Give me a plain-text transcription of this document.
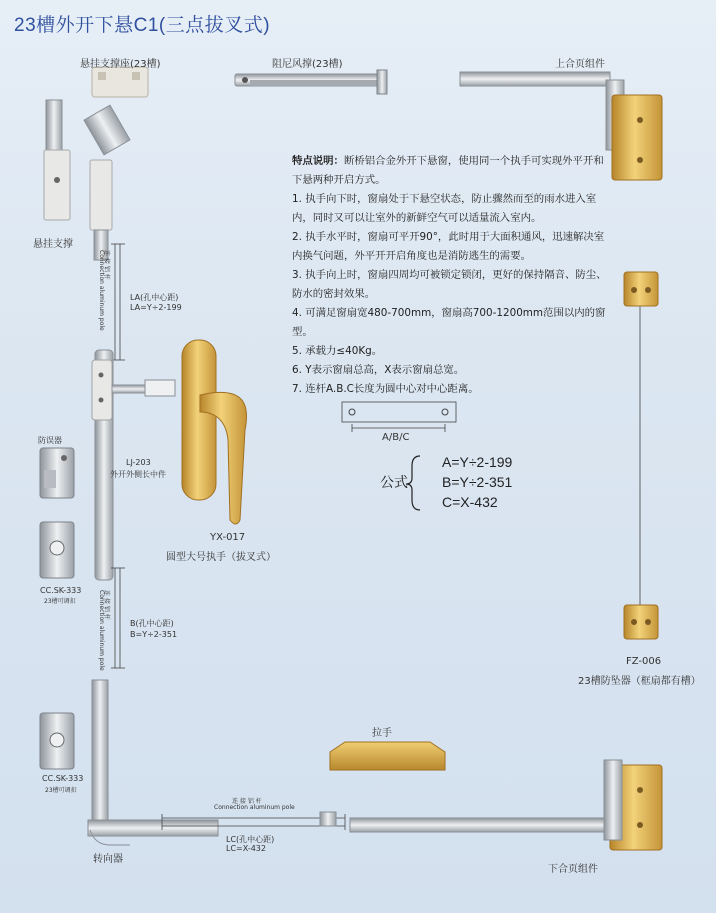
23槽外开下悬C1(三点拔叉式)
悬挂支撑座(23槽)	阻尼风撑(23槽)	上合页组件
悬挂支撑
LA(孔中心距)
LA=Y÷2-199
连 接 铝 杆
Connection aluminum pole
防误器
LJ-203
外开外侧长中件
CC.SK-333
23槽可调扣
YX-017
圆型大号执手（拔叉式）
B(孔中心距)
B=Y÷2-351
连 接 铝 杆
Connection aluminum pole
CC.SK-333
23槽可调扣
连 接 铝 杆
Connection aluminum pole
LC(孔中心距)
LC=X-432
转向器
拉手
FZ-006
23槽防坠器（框扇都有槽）
下合页组件

特点说明：断桥铝合金外开下悬窗，使用同一个执手可实现外平开和下悬两种开启方式。

1. 执手向下时，窗扇处于下悬空状态，防止骤然而至的雨水进入室内，同时又可以让室外的新鲜空气可以适量流入室内。

2. 执手水平时，窗扇可平开90°，此时用于大面积通风，迅速解决室内换气问题，外平开开启角度也是消防逃生的需要。

3. 执手向上时，窗扇四周均可被锁定锁闭，更好的保持隔音、防尘、防水的密封效果。

4. 可满足窗扇宽480-700mm，窗扇高700-1200mm范围以内的窗型。

5. 承载力≤40Kg。

6. Y表示窗扇总高，X表示窗扇总宽。

7. 连杆A.B.C长度为圆中心对中心距离。

A/B/C
公式
A=Y÷2-199
B=Y÷2-351
C=X-432
